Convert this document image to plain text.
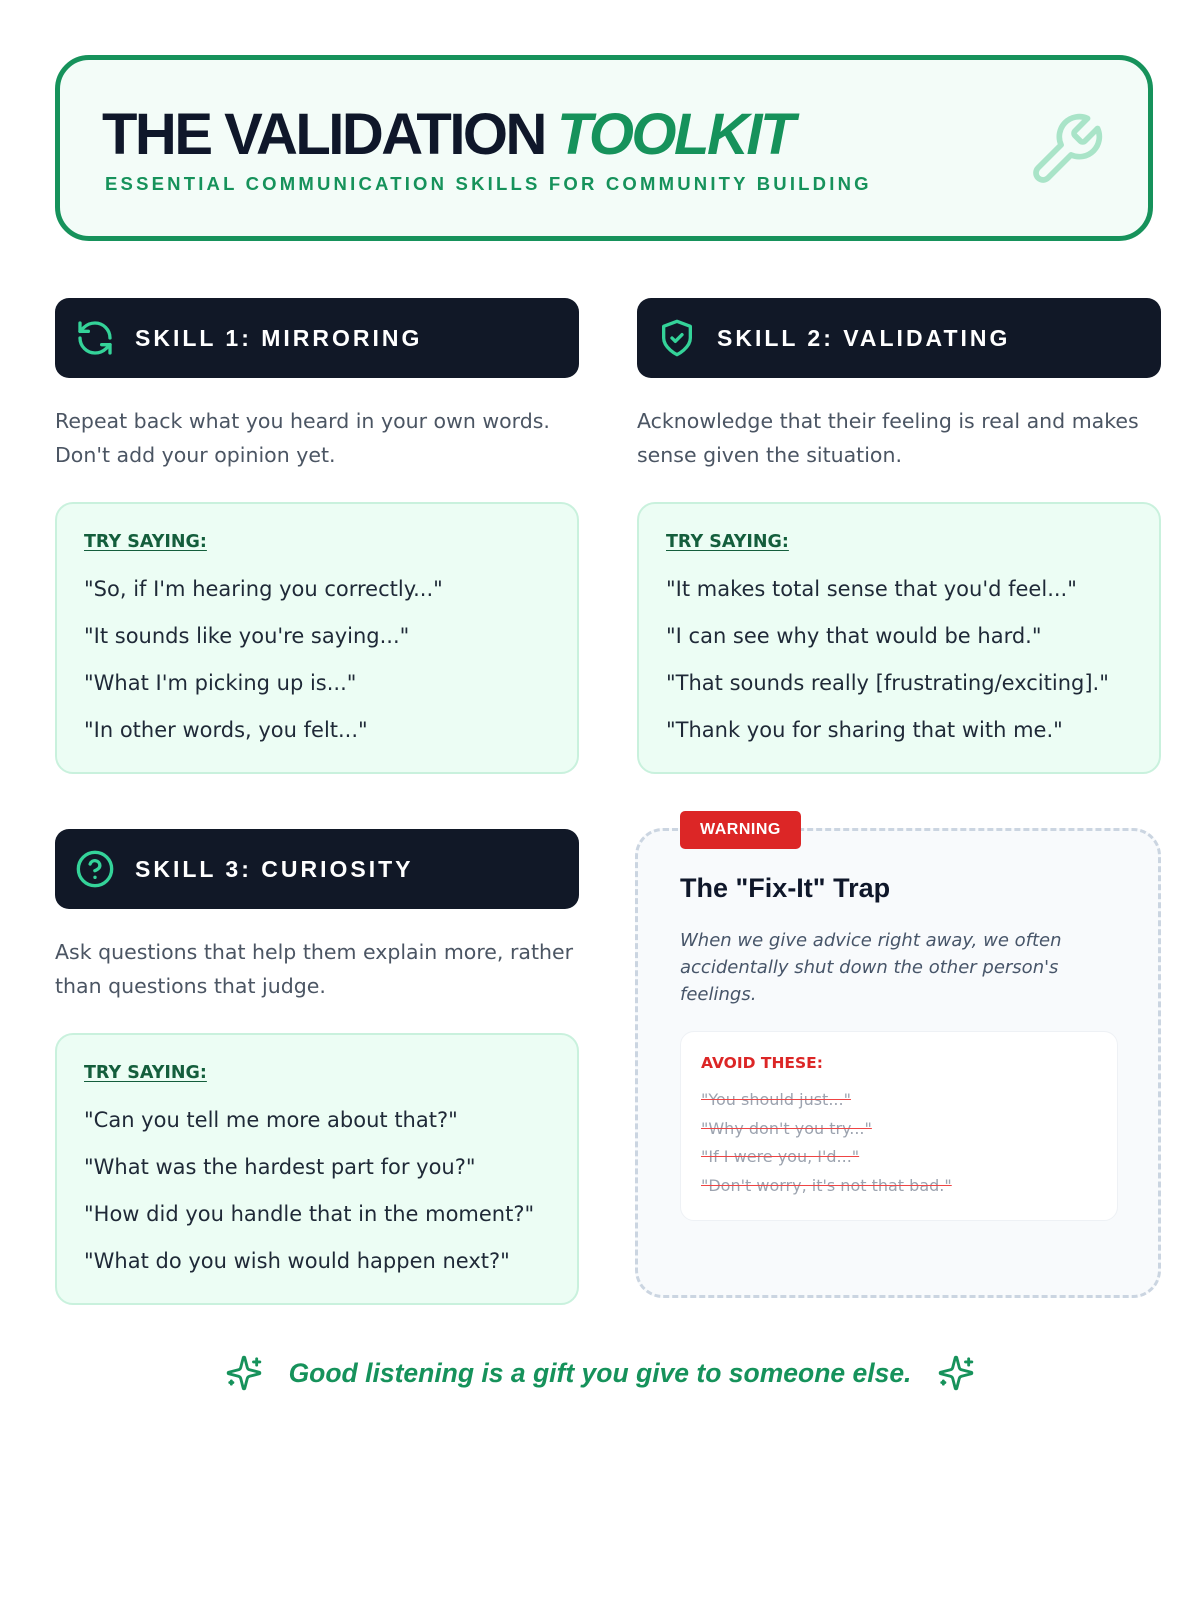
THE VALIDATION TOOLKIT
ESSENTIAL COMMUNICATION SKILLS FOR COMMUNITY BUILDING
SKILL 1: MIRRORING
Repeat back what you heard in your own words. Don't add your opinion yet.
TRY SAYING:
"So, if I'm hearing you correctly..."
"It sounds like you're saying..."
"What I'm picking up is..."
"In other words, you felt..."
SKILL 2: VALIDATING
Acknowledge that their feeling is real and makes sense given the situation.
TRY SAYING:
"It makes total sense that you'd feel..."
"I can see why that would be hard."
"That sounds really [frustrating/exciting]."
"Thank you for sharing that with me."
SKILL 3: CURIOSITY
Ask questions that help them explain more, rather than questions that judge.
TRY SAYING:
"Can you tell me more about that?"
"What was the hardest part for you?"
"How did you handle that in the moment?"
"What do you wish would happen next?"
WARNING
The "Fix-It" Trap
When we give advice right away, we often accidentally shut down the other person's feelings.
AVOID THESE:
"You should just..."
"Why don't you try..."
"If I were you, I'd..."
"Don't worry, it's not that bad."
Good listening is a gift you give to someone else.
